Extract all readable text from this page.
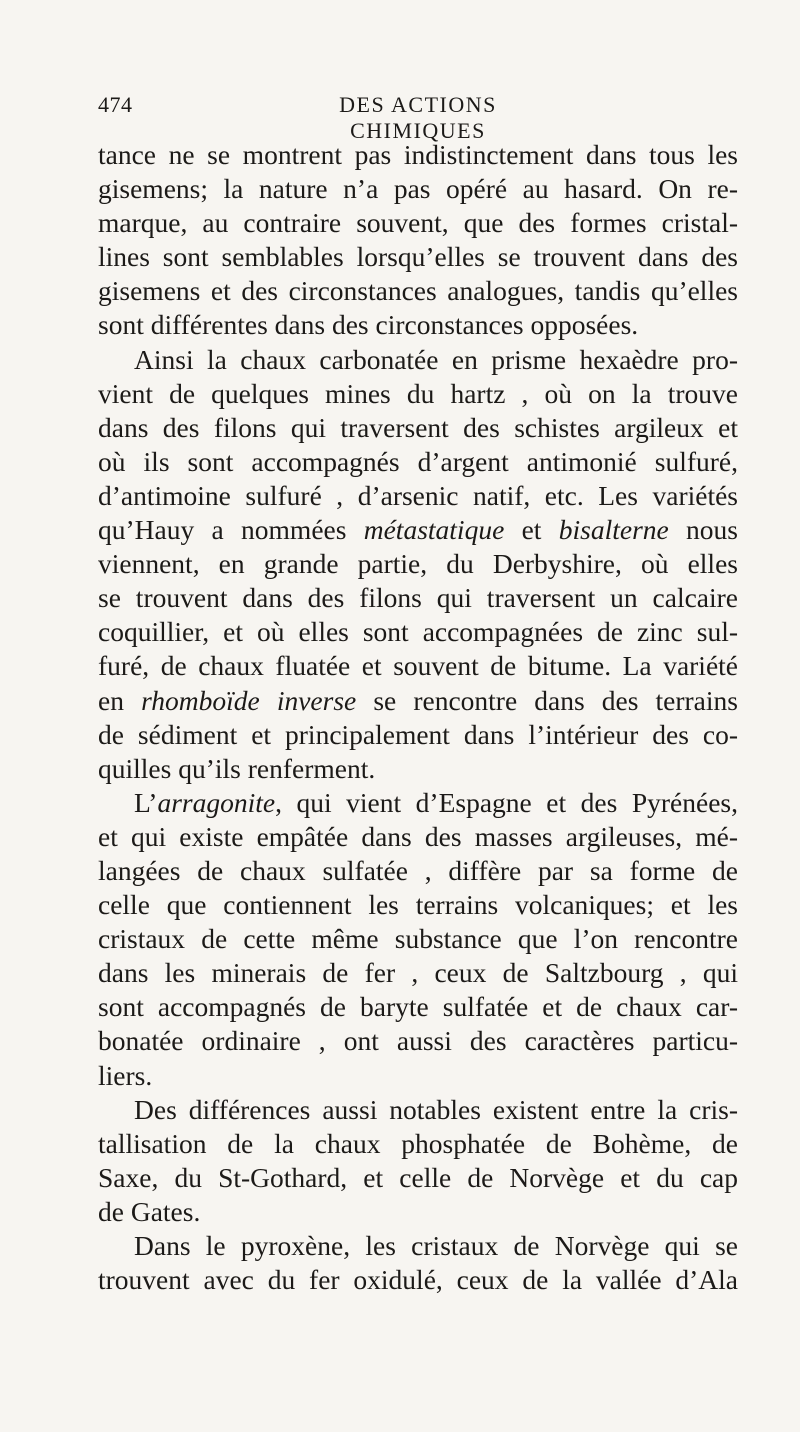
474	DES ACTIONS CHIMIQUES
tance ne se montrent pas indistinctement dans tous les
gisemens; la nature n’a pas opéré au hasard. On re-
marque, au contraire souvent, que des formes cristal-
lines sont semblables lorsqu’elles se trouvent dans des
gisemens et des circonstances analogues, tandis qu’elles
sont différentes dans des circonstances opposées.
Ainsi la chaux carbonatée en prisme hexaèdre pro-
vient de quelques mines du hartz , où on la trouve
dans des filons qui traversent des schistes argileux et
où ils sont accompagnés d’argent antimonié sulfuré,
d’antimoine sulfuré , d’arsenic natif, etc. Les variétés
qu’Hauy a nommées métastatique et bisalterne nous
viennent, en grande partie, du Derbyshire, où elles
se trouvent dans des filons qui traversent un calcaire
coquillier, et où elles sont accompagnées de zinc sul-
furé, de chaux fluatée et souvent de bitume. La variété
en rhomboïde inverse se rencontre dans des terrains
de sédiment et principalement dans l’intérieur des co-
quilles qu’ils renferment.
L’arragonite, qui vient d’Espagne et des Pyrénées,
et qui existe empâtée dans des masses argileuses, mé-
langées de chaux sulfatée , diffère par sa forme de
celle que contiennent les terrains volcaniques; et les
cristaux de cette même substance que l’on rencontre
dans les minerais de fer , ceux de Saltzbourg , qui
sont accompagnés de baryte sulfatée et de chaux car-
bonatée ordinaire , ont aussi des caractères particu-
liers.
Des différences aussi notables existent entre la cris-
tallisation de la chaux phosphatée de Bohème, de
Saxe, du St-Gothard, et celle de Norvège et du cap
de Gates.
Dans le pyroxène, les cristaux de Norvège qui se
trouvent avec du fer oxidulé, ceux de la vallée d’Ala
